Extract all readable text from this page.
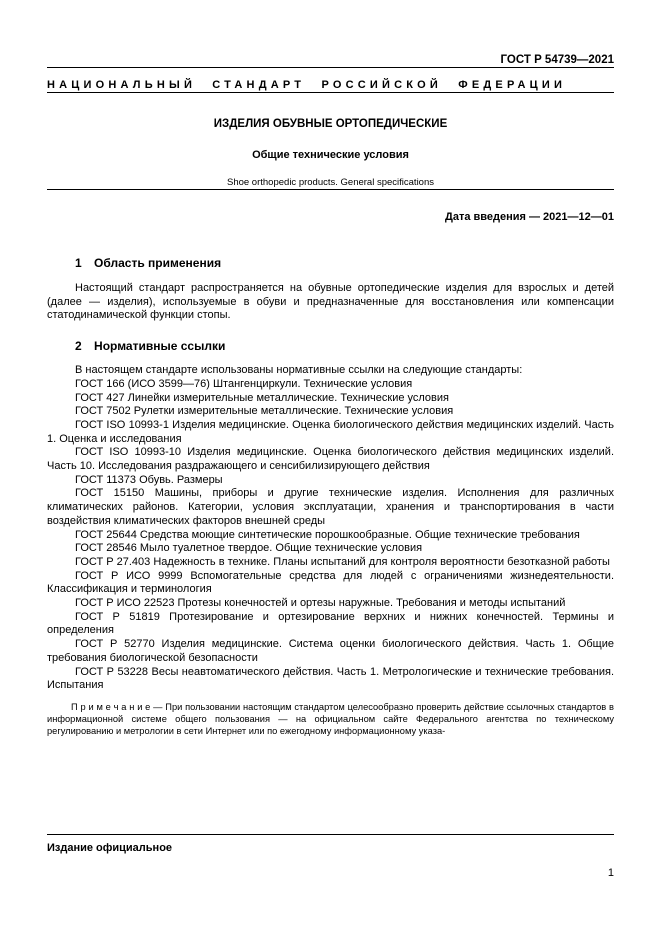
ГОСТ Р 54739—2021
НАЦИОНАЛЬНЫЙ СТАНДАРТ РОССИЙСКОЙ ФЕДЕРАЦИИ
ИЗДЕЛИЯ ОБУВНЫЕ ОРТОПЕДИЧЕСКИЕ
Общие технические условия
Shoe orthopedic products. General specifications
Дата введения — 2021—12—01
1 Область применения

Настоящий стандарт распространяется на обувные ортопедические изделия для взрослых и детей (далее — изделия), используемые в обуви и предназначенные для восстановления или компенсации статодинамической функции стопы.

2 Нормативные ссылки

В настоящем стандарте использованы нормативные ссылки на следующие стандарты:

ГОСТ 166 (ИСО 3599—76) Штангенциркули. Технические условия

ГОСТ 427 Линейки измерительные металлические. Технические условия

ГОСТ 7502 Рулетки измерительные металлические. Технические условия

ГОСТ ISO 10993-1 Изделия медицинские. Оценка биологического действия медицинских изделий. Часть 1. Оценка и исследования

ГОСТ ISO 10993-10 Изделия медицинские. Оценка биологического действия медицинских изделий. Часть 10. Исследования раздражающего и сенсибилизирующего действия

ГОСТ 11373 Обувь. Размеры

ГОСТ 15150 Машины, приборы и другие технические изделия. Исполнения для различных климатических районов. Категории, условия эксплуатации, хранения и транспортирования в части воздействия климатических факторов внешней среды

ГОСТ 25644 Средства моющие синтетические порошкообразные. Общие технические требования

ГОСТ 28546 Мыло туалетное твердое. Общие технические условия

ГОСТ Р 27.403 Надежность в технике. Планы испытаний для контроля вероятности безотказной работы

ГОСТ Р ИСО 9999 Вспомогательные средства для людей с ограничениями жизнедеятельности. Классификация и терминология

ГОСТ Р ИСО 22523 Протезы конечностей и ортезы наружные. Требования и методы испытаний

ГОСТ Р 51819 Протезирование и ортезирование верхних и нижних конечностей. Термины и определения

ГОСТ Р 52770 Изделия медицинские. Система оценки биологического действия. Часть 1. Общие требования биологической безопасности

ГОСТ Р 53228 Весы неавтоматического действия. Часть 1. Метрологические и технические требования. Испытания

П р и м е ч а н и е — При пользовании настоящим стандартом целесообразно проверить действие ссылочных стандартов в информационной системе общего пользования — на официальном сайте Федерального агентства по техническому регулированию и метрологии в сети Интернет или по ежегодному информационному указа-

Издание официальное
1
